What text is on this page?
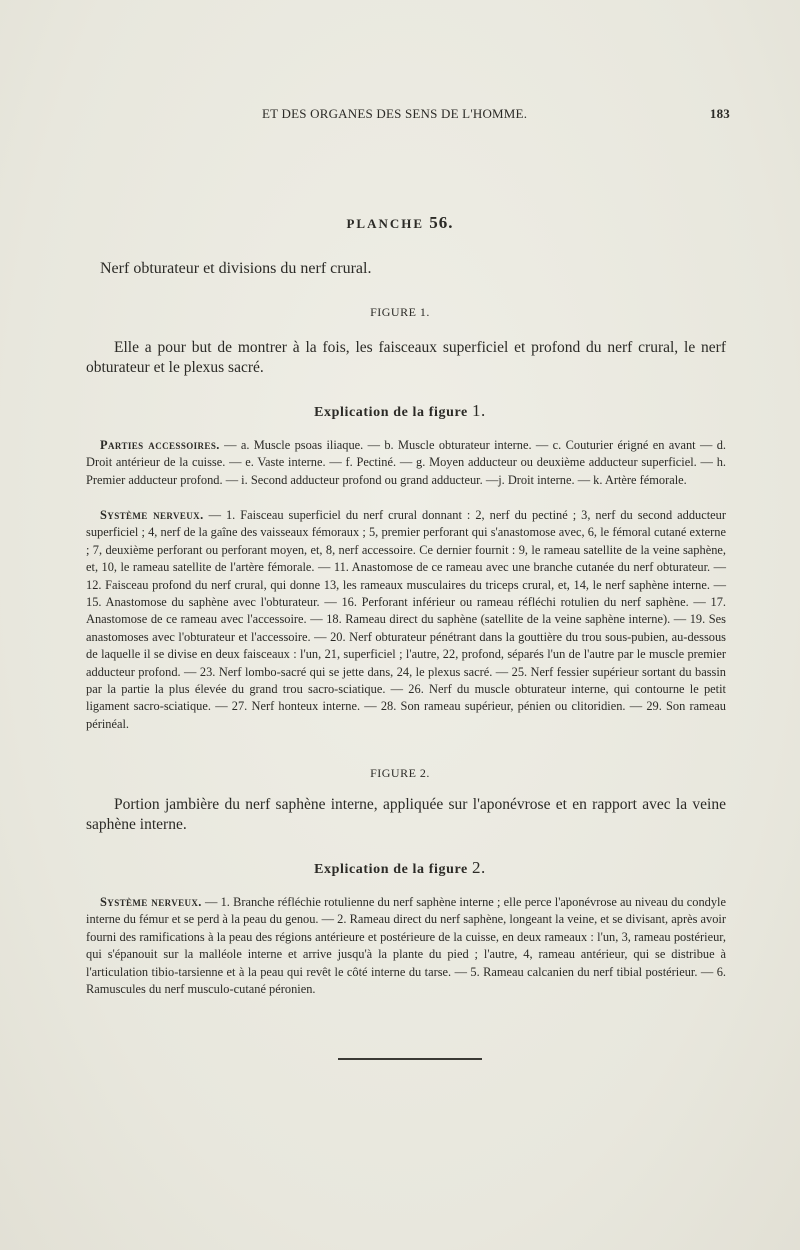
ET DES ORGANES DES SENS DE L'HOMME.	183
PLANCHE 56.
Nerf obturateur et divisions du nerf crural.
FIGURE 1.
Elle a pour but de montrer à la fois, les faisceaux superficiel et profond du nerf crural, le nerf obturateur et le plexus sacré.
Explication de la figure 1.
Parties accessoires. — a. Muscle psoas iliaque. — b. Muscle obturateur interne. — c. Couturier érigné en avant — d. Droit antérieur de la cuisse. — e. Vaste interne. — f. Pectiné. — g. Moyen adducteur ou deuxième adducteur superficiel. — h. Premier adducteur profond. — i. Second adducteur profond ou grand adducteur. —j. Droit interne. — k. Artère fémorale.
Système nerveux. — 1. Faisceau superficiel du nerf crural donnant : 2, nerf du pectiné ; 3, nerf du second adducteur superficiel ; 4, nerf de la gaîne des vaisseaux fémoraux ; 5, premier perforant qui s'anastomose avec, 6, le fémoral cutané externe ; 7, deuxième perforant ou perforant moyen, et, 8, nerf accessoire. Ce dernier fournit : 9, le rameau satellite de la veine saphène, et, 10, le rameau satellite de l'artère fémorale. — 11. Anastomose de ce rameau avec une branche cutanée du nerf obturateur. — 12. Faisceau profond du nerf crural, qui donne 13, les rameaux musculaires du triceps crural, et, 14, le nerf saphène interne. — 15. Anastomose du saphène avec l'obturateur. — 16. Perforant inférieur ou rameau réfléchi rotulien du nerf saphène. — 17. Anastomose de ce rameau avec l'accessoire. — 18. Rameau direct du saphène (satellite de la veine saphène interne). — 19. Ses anastomoses avec l'obturateur et l'accessoire. — 20. Nerf obturateur pénétrant dans la gouttière du trou sous-pubien, au-dessous de laquelle il se divise en deux faisceaux : l'un, 21, superficiel ; l'autre, 22, profond, séparés l'un de l'autre par le muscle premier adducteur profond. — 23. Nerf lombo-sacré qui se jette dans, 24, le plexus sacré. — 25. Nerf fessier supérieur sortant du bassin par la partie la plus élevée du grand trou sacro-sciatique. — 26. Nerf du muscle obturateur interne, qui contourne le petit ligament sacro-sciatique. — 27. Nerf honteux interne. — 28. Son rameau supérieur, pénien ou clitoridien. — 29. Son rameau périnéal.
FIGURE 2.
Portion jambière du nerf saphène interne, appliquée sur l'aponévrose et en rapport avec la veine saphène interne.
Explication de la figure 2.
Système nerveux. — 1. Branche réfléchie rotulienne du nerf saphène interne ; elle perce l'aponévrose au niveau du condyle interne du fémur et se perd à la peau du genou. — 2. Rameau direct du nerf saphène, longeant la veine, et se divisant, après avoir fourni des ramifications à la peau des régions antérieure et postérieure de la cuisse, en deux rameaux : l'un, 3, rameau postérieur, qui s'épanouit sur la malléole interne et arrive jusqu'à la plante du pied ; l'autre, 4, rameau antérieur, qui se distribue à l'articulation tibio-tarsienne et à la peau qui revêt le côté interne du tarse. — 5. Rameau calcanien du nerf tibial postérieur. — 6. Ramuscules du nerf musculo-cutané péronien.
